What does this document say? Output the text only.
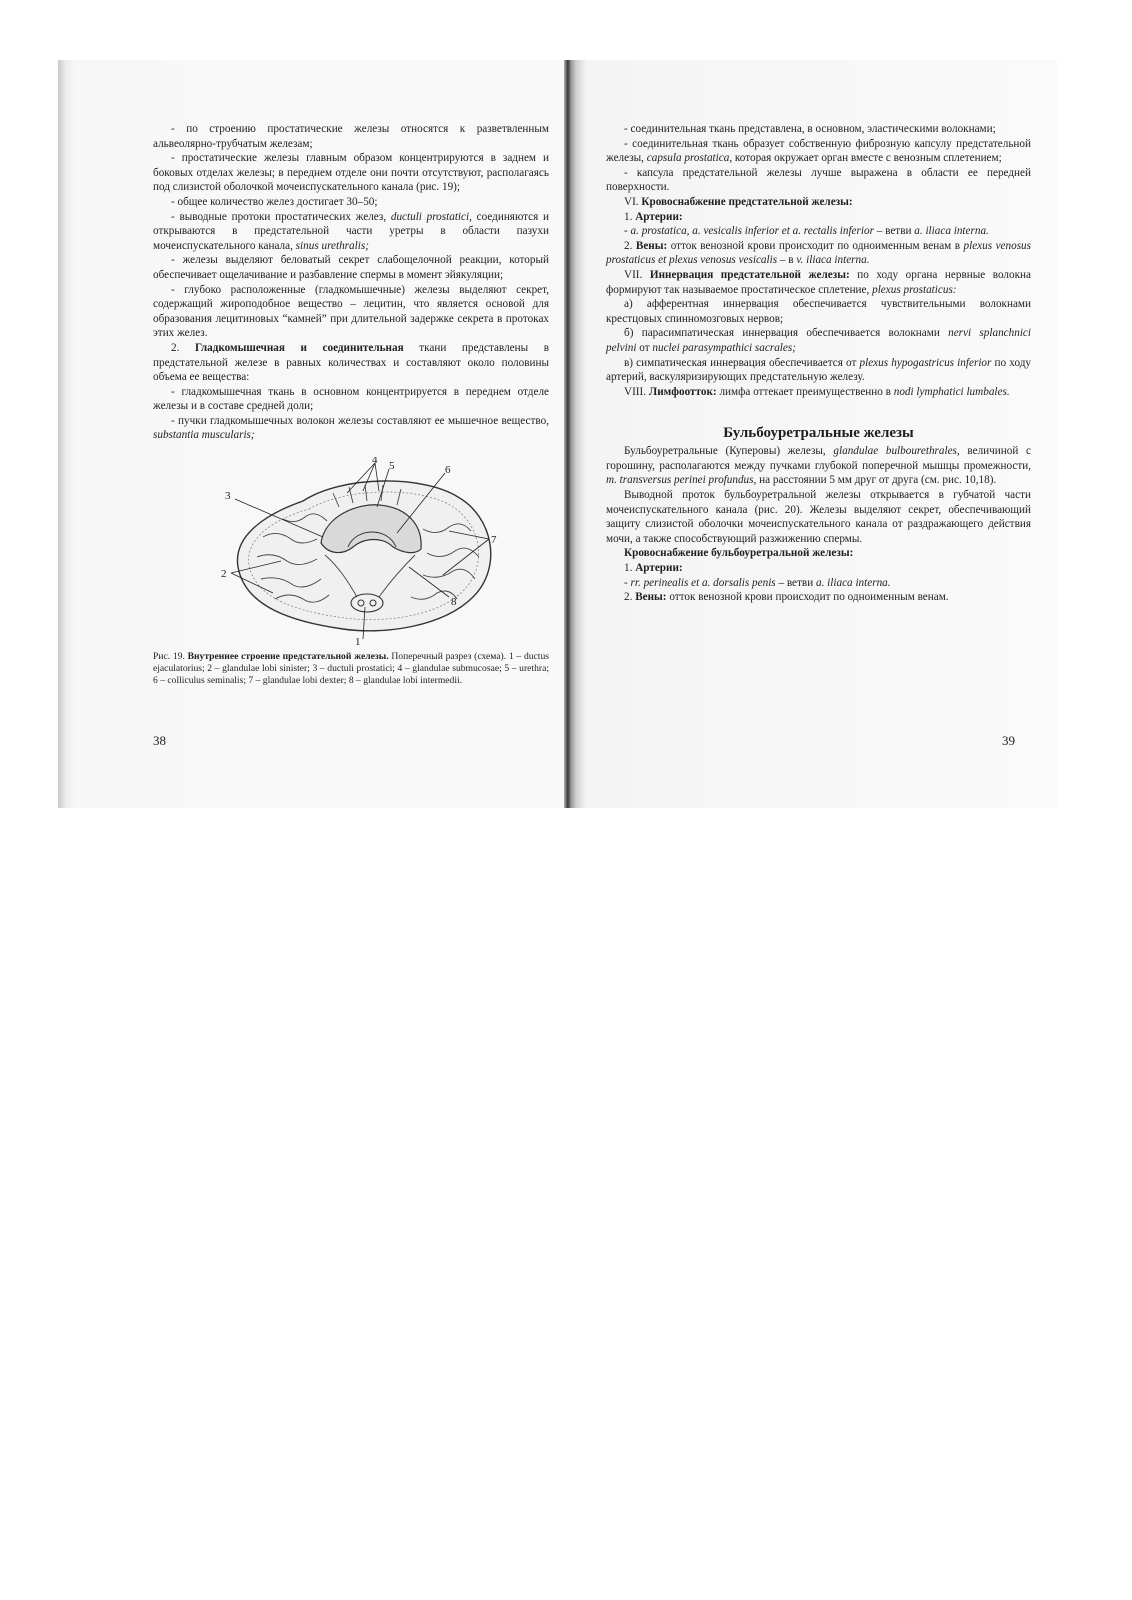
- по строению простатические железы относятся к разветвленным альвеолярно-трубчатым железам;

- простатические железы главным образом концентрируются в заднем и боковых отделах железы; в переднем отделе они почти отсутствуют, располагаясь под слизистой оболочкой мочеиспускательного канала (рис. 19);

- общее количество желез достигает 30–50;

- выводные протоки простатических желез, ductuli prostatici, соединяются и открываются в предстательной части уретры в области пазухи мочеиспускательного канала, sinus urethralis;

- железы выделяют беловатый секрет слабощелочной реакции, который обеспечивает ощелачивание и разбавление спермы в момент эйякуляции;

- глубоко расположенные (гладкомышечные) железы выделяют секрет, содержащий жироподобное вещество – лецитин, что является основой для образования лецитиновых “камней” при длительной задержке секрета в протоках этих желез.

2. Гладкомышечная и соединительная ткани представлены в предстательной железе в равных количествах и составляют около половины объема ее вещества:

- гладкомышечная ткань в основном концентрируется в переднем отделе железы и в составе средней доли;

- пучки гладкомышечных волокон железы составляют ее мышечное вещество, substantia muscularis;

1
2
3
4 5	6
7
8
Рис. 19. Внутреннее строение предстательной железы. Поперечный разрез (схема). 1 – ductus ejaculatorius; 2 – glandulae lobi sinister; 3 – ductuli prostatici; 4 – glandulae submucosae; 5 – urethra; 6 – colliculus seminalis; 7 – glandulae lobi dexter; 8 – glandulae lobi intermedii.
38

- соединительная ткань представлена, в основном, эластическими волокнами;

- соединительная ткань образует собственную фиброзную капсулу предстательной железы, capsula prostatica, которая окружает орган вместе с венозным сплетением;

- капсула предстательной железы лучше выражена в области ее передней поверхности.

VI. Кровоснабжение предстательной железы:

1. Артерии:

- a. prostatica, a. vesicalis inferior et a. rectalis inferior – ветви a. iliaca interna.

2. Вены: отток венозной крови происходит по одноименным венам в plexus venosus prostaticus et plexus venosus vesicalis – в v. iliaca interna.

VII. Иннервация предстательной железы: по ходу органа нервные волокна формируют так называемое простатическое сплетение, plexus prostaticus:

а) афферентная иннервация обеспечивается чувствительными волокнами крестцовых спинномозговых нервов;

б) парасимпатическая иннервация обеспечивается волокнами nervi splanchnici pelvini от nuclei parasympathici sacrales;

в) симпатическая иннервация обеспечивается от plexus hypogastricus inferior по ходу артерий, васкуляризирующих предстательную железу.

VIII. Лимфоотток: лимфа оттекает преимущественно в nodi lymphatici lumbales.

Бульбоуретральные железы

Бульбоуретральные (Куперовы) железы, glandulae bulbourethrales, величиной с горошину, располагаются между пучками глубокой поперечной мышцы промежности, m. transversus perinei profundus, на расстоянии 5 мм друг от друга (см. рис. 10,18).

Выводной проток бульбоуретральной железы открывается в губчатой части мочеиспускательного канала (рис. 20). Железы выделяют секрет, обеспечивающий защиту слизистой оболочки мочеиспускательного канала от раздражающего действия мочи, а также способствующий разжижению спермы.

Кровоснабжение бульбоуретральной железы:

1. Артерии:

- rr. perinealis et a. dorsalis penis – ветви a. iliaca interna.

2. Вены: отток венозной крови происходит по одноименным венам.

39
